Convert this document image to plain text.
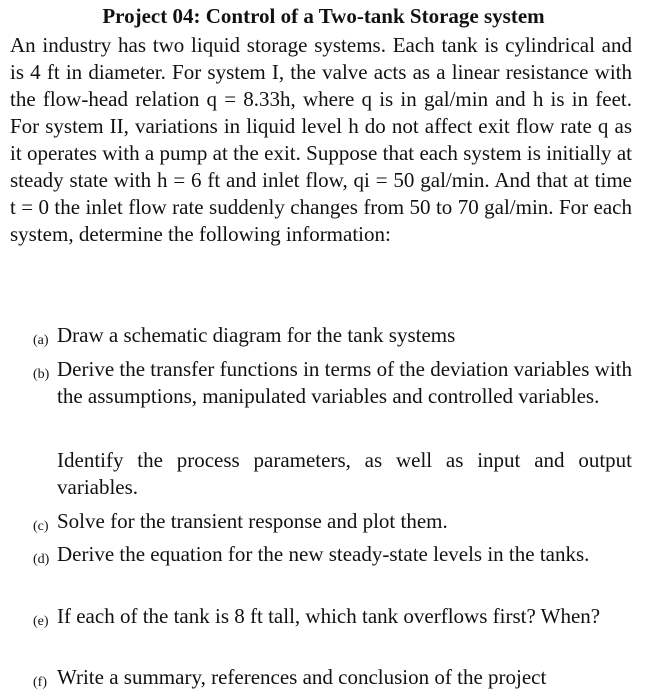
Project 04: Control of a Two-tank Storage system

An industry has two liquid storage systems. Each tank is cylindrical and is 4 ft in diameter. For system I, the valve acts as a linear resistance with the flow-head relation q = 8.33h, where q is in gal/min and h is in feet. For system II, variations in liquid level h do not affect exit flow rate q as it operates with a pump at the exit. Suppose that each system is initially at steady state with h = 6 ft and inlet flow, qi = 50 gal/min. And that at time t = 0 the inlet flow rate suddenly changes from 50 to 70 gal/min. For each system, determine the following information:

(a) Draw a schematic diagram for the tank systems
(b) Derive the transfer functions in terms of the deviation variables with the assumptions, manipulated variables and controlled variables.

Identify the process parameters, as well as input and output variables.

(c) Solve for the transient response and plot them.
(d) Derive the equation for the new steady-state levels in the tanks.
(e) If each of the tank is 8 ft tall, which tank overflows first? When?
(f) Write a summary, references and conclusion of the project
